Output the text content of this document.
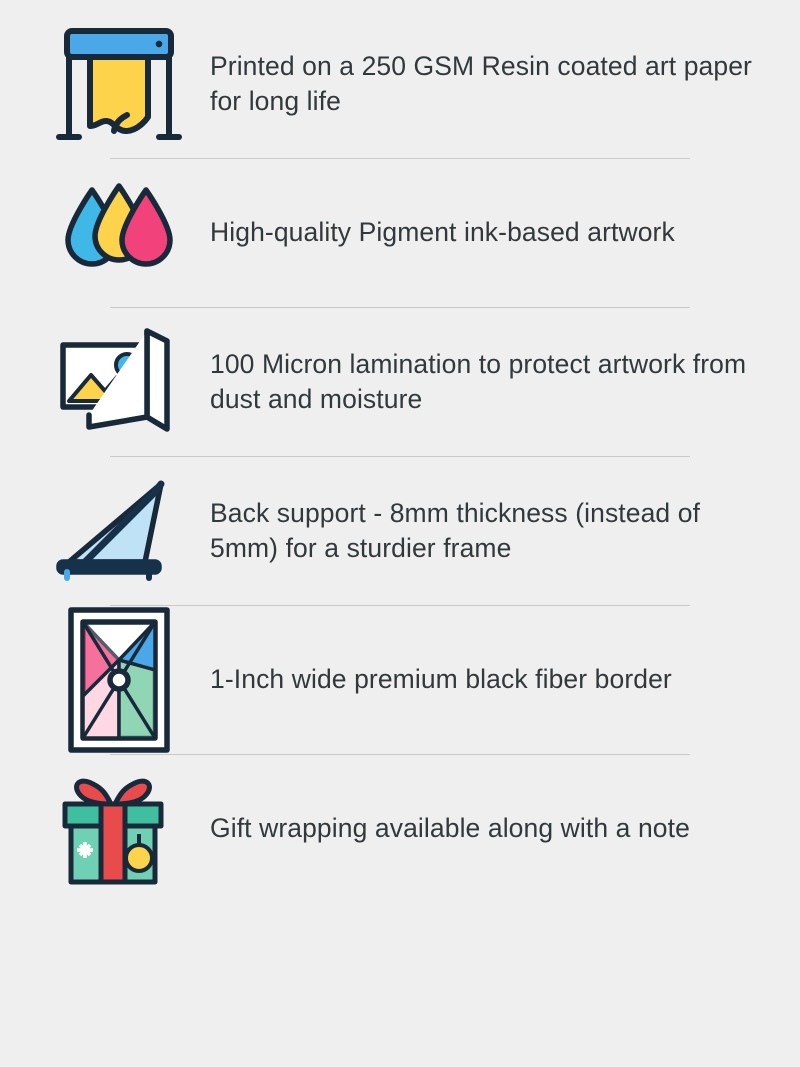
Printed on a 250 GSM Resin coated art paper for long life
High-quality Pigment ink-based artwork
100 Micron lamination to protect artwork from dust and moisture
Back support - 8mm thickness (instead of 5mm) for a sturdier frame
1-Inch wide premium black fiber border
Gift wrapping available along with a note
